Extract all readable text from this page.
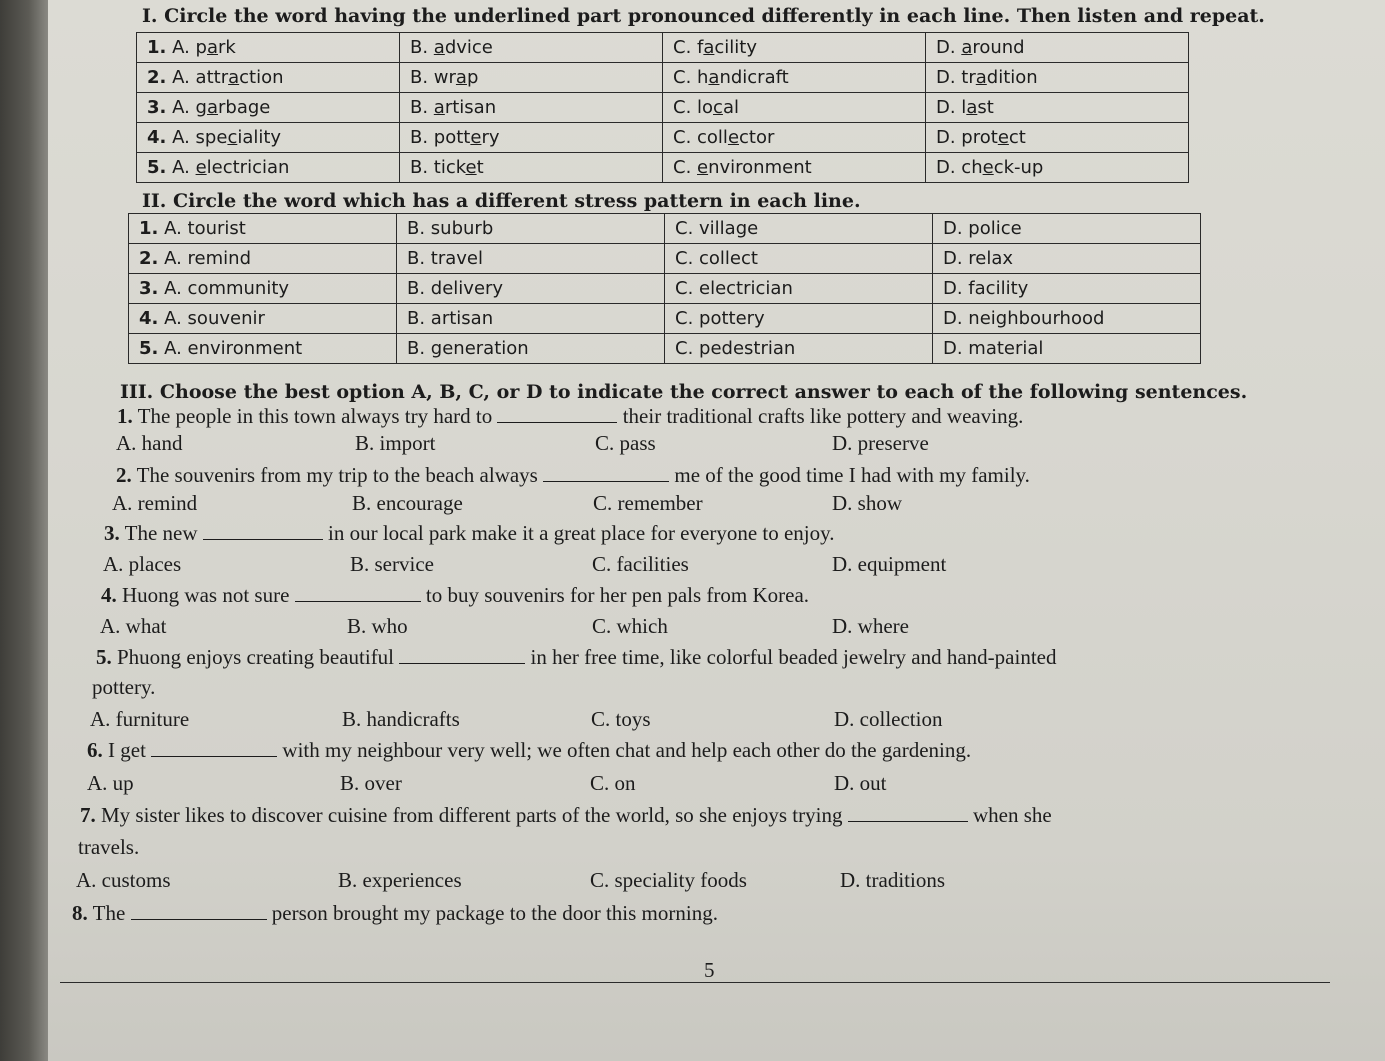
I. Circle the word having the underlined part pronounced differently in each line. Then listen and repeat.
1. A. park	B. advice	C. facility	D. around
2. A. attraction	B. wrap	C. handicraft	D. tradition
3. A. garbage	B. artisan	C. local	D. last
4. A. speciality	B. pottery	C. collector	D. protect
5. A. electrician	B. ticket	C. environment	D. check-up
II. Circle the word which has a different stress pattern in each line.
1. A. tourist	B. suburb	C. village	D. police
2. A. remind	B. travel	C. collect	D. relax
3. A. community	B. delivery	C. electrician	D. facility
4. A. souvenir	B. artisan	C. pottery	D. neighbourhood
5. A. environment	B. generation	C. pedestrian	D. material
III. Choose the best option A, B, C, or D to indicate the correct answer to each of the following sentences.
1. The people in this town always try hard to	their traditional crafts like pottery and weaving.
A. hand	B. import	C. pass	D. preserve
2. The souvenirs from my trip to the beach always	me of the good time I had with my family.
A. remind	B. encourage	C. remember	D. show
3. The new	in our local park make it a great place for everyone to enjoy.
A. places	B. service	C. facilities	D. equipment
4. Huong was not sure	to buy souvenirs for her pen pals from Korea.
A. what	B. who	C. which	D. where
5. Phuong enjoys creating beautiful	in her free time, like colorful beaded jewelry and hand-painted
pottery.
A. furniture	B. handicrafts	C. toys	D. collection
6. I get	with my neighbour very well; we often chat and help each other do the gardening.
A. up	B. over	C. on	D. out
7. My sister likes to discover cuisine from different parts of the world, so she enjoys trying	when she
travels.
A. customs	B. experiences	C. speciality foods	D. traditions
8. The	person brought my package to the door this morning.
5
